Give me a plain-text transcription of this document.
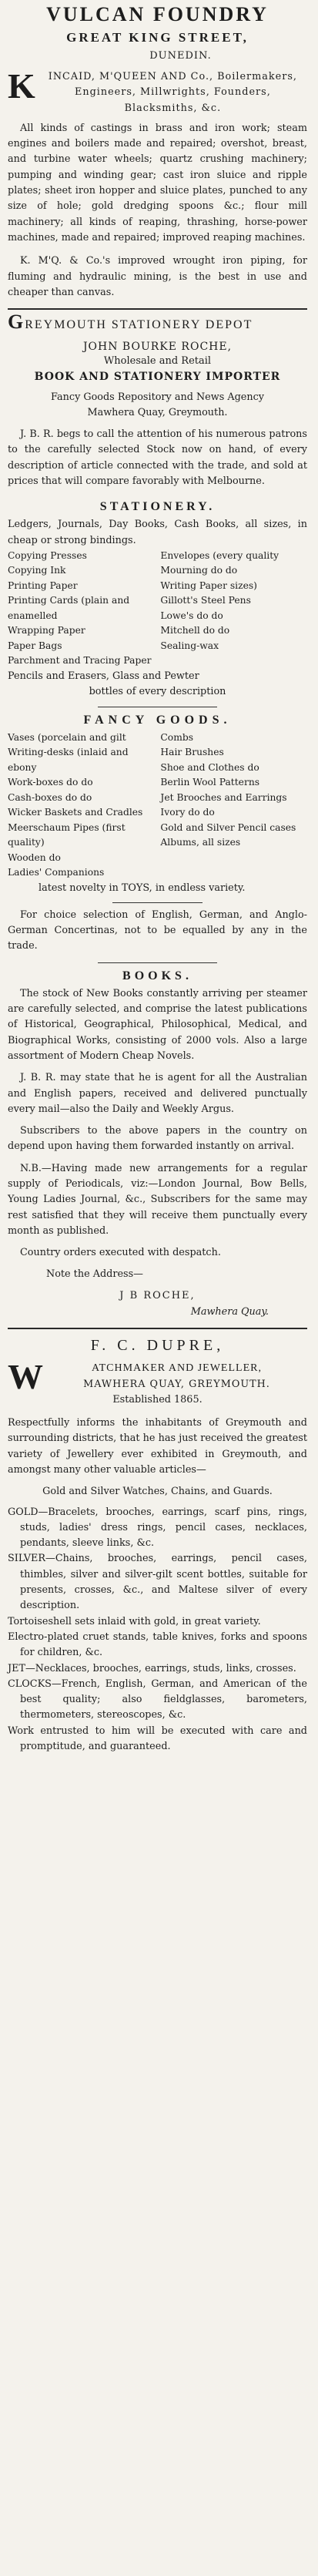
VULCAN FOUNDRY

GREAT KING STREET,

DUNEDIN.

K	INCAID, M'QUEEN AND Co., Boilermakers, Engineers, Millwrights, Founders, Blacksmiths, &c.

All kinds of castings in brass and iron work; steam engines and boilers made and repaired; overshot, breast, and turbine water wheels; quartz crushing machinery; pumping and winding gear; cast iron sluice and ripple plates; sheet iron hopper and sluice plates, punched to any size of hole; gold dredging spoons &c.; flour mill machinery; all kinds of reaping, thrashing, horse-power machines, made and repaired; improved reaping machines.

K. M'Q. & Co.'s improved wrought iron piping, for fluming and hydraulic mining, is the best in use and cheaper than canvas.

GREYMOUTH STATIONERY DEPOT

JOHN BOURKE ROCHE,

Wholesale and Retail

BOOK AND STATIONERY IMPORTER

Fancy Goods Repository and News Agency

Mawhera Quay, Greymouth.

J. B. R. begs to call the attention of his numerous patrons to the carefully selected Stock now on hand, of every description of article connected with the trade, and sold at prices that will compare favorably with Melbourne.

STATIONERY.

Ledgers, Journals, Day Books, Cash Books, all sizes, in cheap or strong bindings.

Copying Presses

Copying Ink

Printing Paper

Printing Cards (plain and enamelled

Wrapping Paper

Paper Bags

Parchment and Tracing Paper

Envelopes (every quality

Mourning do do

Writing Paper sizes)

Gillott's Steel Pens

Lowe's do do

Mitchell do do

Sealing-wax

Pencils and Erasers, Glass and Pewter

bottles of every description

FANCY GOODS.

Vases (porcelain and gilt

Writing-desks (inlaid and ebony

Work-boxes do do

Cash-boxes do do

Wicker Baskets and Cradles

Meerschaum Pipes (first quality)

Wooden do

Ladies' Companions

Combs

Hair Brushes

Shoe and Clothes do

Berlin Wool Patterns

Jet Brooches and Earrings

Ivory do do

Gold and Silver Pencil cases

Albums, all sizes

latest novelty in TOYS, in endless variety.

For choice selection of English, German, and Anglo-German Concertinas, not to be equalled by any in the trade.

BOOKS.

The stock of New Books constantly arriving per steamer are carefully selected, and comprise the latest publications of Historical, Geographical, Philosophical, Medical, and Biographical Works, consisting of 2000 vols. Also a large assortment of Modern Cheap Novels.

J. B. R. may state that he is agent for all the Australian and English papers, received and delivered punctually every mail—also the Daily and Weekly Argus.

Subscribers to the above papers in the country on depend upon having them forwarded instantly on arrival.

N.B.—Having made new arrangements for a regular supply of Periodicals, viz:—London Journal, Bow Bells, Young Ladies Journal, &c., Subscribers for the same may rest satisfied that they will receive them punctually every month as published.

Country orders executed with despatch.

Note the Address—

J B ROCHE,

Mawhera Quay.

F. C. DUPRE,

W	ATCHMAKER AND JEWELLER,

MAWHERA QUAY, GREYMOUTH.

Established 1865.

Respectfully informs the inhabitants of Greymouth and surrounding districts, that he has just received the greatest variety of Jewellery ever exhibited in Greymouth, and amongst many other valuable articles—

Gold and Silver Watches, Chains, and Guards.

GOLD—Bracelets, brooches, earrings, scarf pins, rings, studs, ladies' dress rings, pencil cases, necklaces, pendants, sleeve links, &c.

SILVER—Chains, brooches, earrings, pencil cases, thimbles, silver and silver-gilt scent bottles, suitable for presents, crosses, &c., and Maltese silver of every description.

Tortoiseshell sets inlaid with gold, in great variety.

Electro-plated cruet stands, table knives, forks and spoons for children, &c.

JET—Necklaces, brooches, earrings, studs, links, crosses.

CLOCKS—French, English, German, and American of the best quality; also fieldglasses, barometers, thermometers, stereoscopes, &c.

Work entrusted to him will be executed with care and promptitude, and guaranteed.
